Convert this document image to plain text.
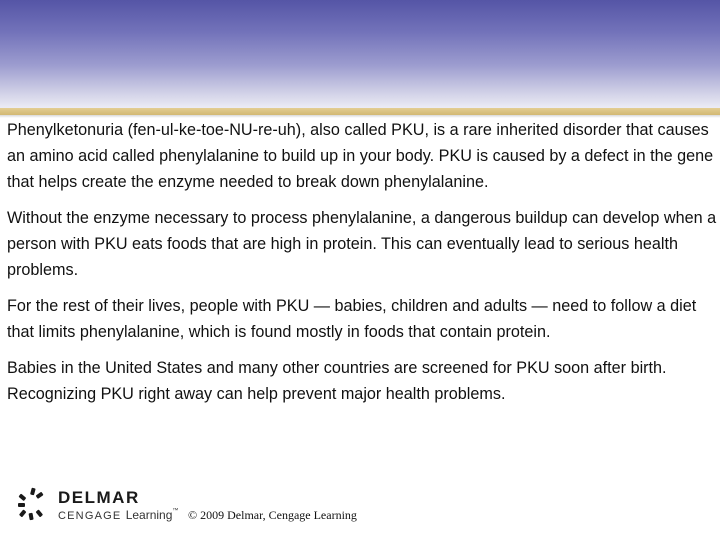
Phenylketonuria (fen-ul-ke-toe-NU-re-uh), also called PKU, is a rare inherited disorder that causes an amino acid called phenylalanine to build up in your body. PKU is caused by a defect in the gene that helps create the enzyme needed to break down phenylalanine.

Without the enzyme necessary to process phenylalanine, a dangerous buildup can develop when a person with PKU eats foods that are high in protein. This can eventually lead to serious health problems.

For the rest of their lives, people with PKU — babies, children and adults — need to follow a diet that limits phenylalanine, which is found mostly in foods that contain protein.

Babies in the United States and many other countries are screened for PKU soon after birth. Recognizing PKU right away can help prevent major health problems.

DELMAR
CENGAGE Learning™ © 2009 Delmar, Cengage Learning
